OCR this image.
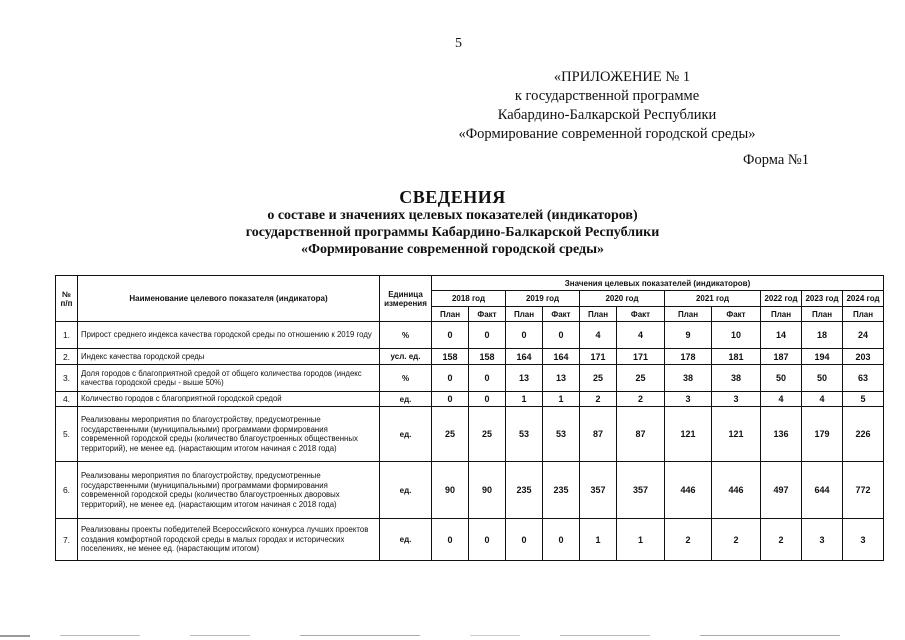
5
«ПРИЛОЖЕНИЕ № 1
к государственной программе
Кабардино-Балкарской Республики
«Формирование современной городской среды»
Форма №1
СВЕДЕНИЯ
о составе и значениях целевых показателей (индикаторов)
государственной программы Кабардино-Балкарской Республики
«Формирование современной городской среды»
№ п/п	Наименование целевого показателя (индикатора)	Единица измерения	Значения целевых показателей (индикаторов)										
			2018 год		2019 год		2020 год		2021 год		2022 год	2023 год	2024 год
			План	Факт	План	Факт	План	Факт	План	Факт	План	План	План
1.	Прирост среднего индекса качества городской среды по отношению к 2019 году	%	0	0	0	0	4	4	9	10	14	18	24
2.	Индекс качества городской среды	усл. ед.	158	158	164	164	171	171	178	181	187	194	203
3.	Доля городов с благоприятной средой от общего количества городов (индекс качества городской среды - выше 50%)	%	0	0	13	13	25	25	38	38	50	50	63
4.	Количество городов с благоприятной городской средой	ед.	0	0	1	1	2	2	3	3	4	4	5
5.	Реализованы мероприятия по благоустройству, предусмотренные государственными (муниципальными) программами формирования современной городской среды (количество благоустроенных общественных территорий), не менее ед. (нарастающим итогом начиная с 2018 года)	ед.	25	25	53	53	87	87	121	121	136	179	226
6.	Реализованы мероприятия по благоустройству, предусмотренные государственными (муниципальными) программами формирования современной городской среды (количество благоустроенных дворовых территорий), не менее ед. (нарастающим итогом начиная с 2018 года)	ед.	90	90	235	235	357	357	446	446	497	644	772
7.	Реализованы проекты победителей Всероссийского конкурса лучших проектов создания комфортной городской среды в малых городах и исторических поселениях, не менее ед. (нарастающим итогом)	ед.	0	0	0	0	1	1	2	2	2	3	3
